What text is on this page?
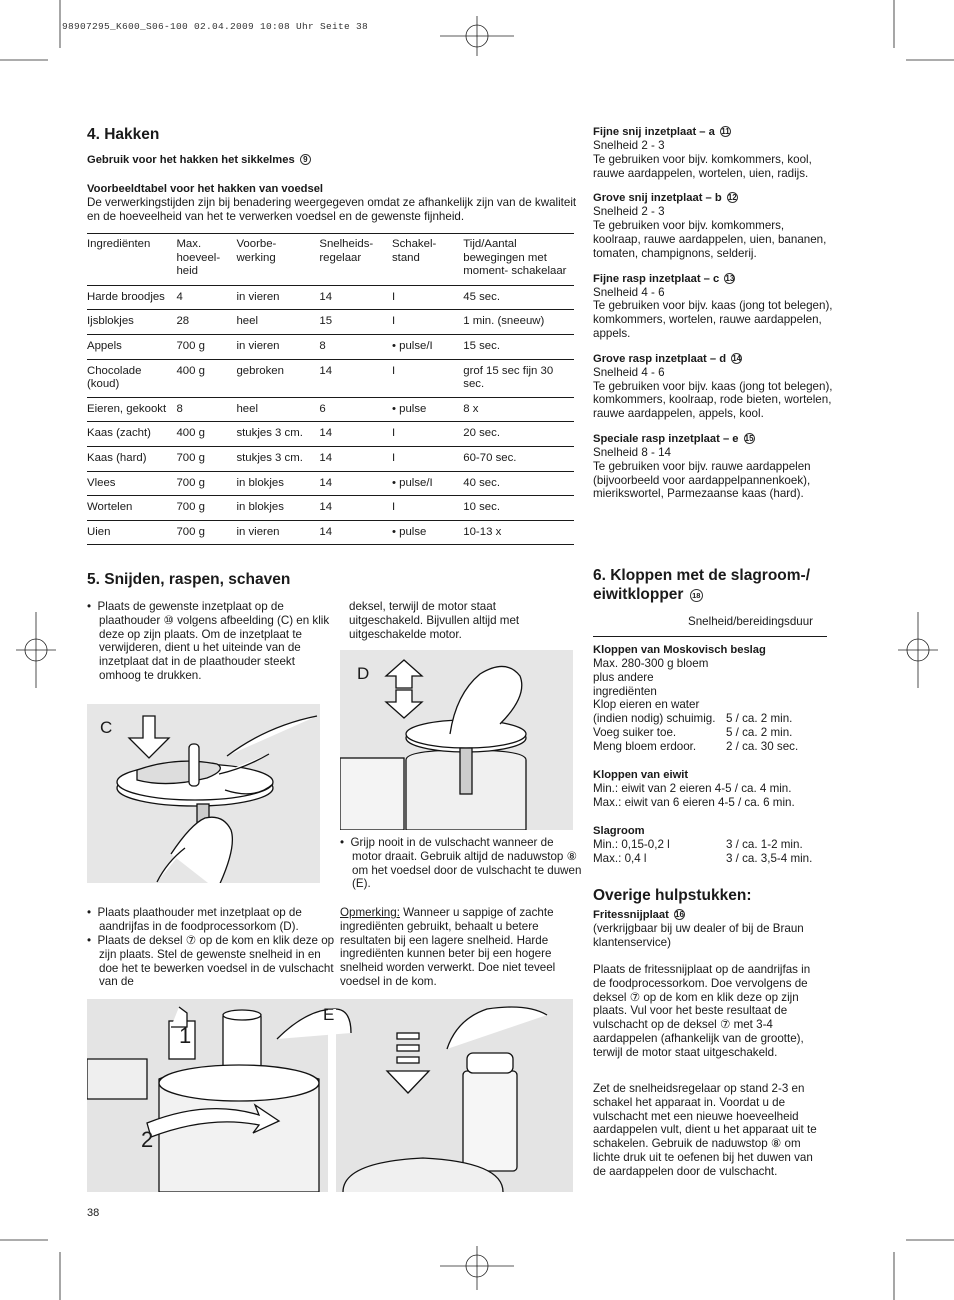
98907295_K600_S06-100 02.04.2009 10:08 Uhr Seite 38
4. Hakken
Gebruik voor het hakken het sikkelmes 9
Voorbeeldtabel voor het hakken van voedsel
De verwerkingstijden zijn bij benadering weergegeven omdat ze afhankelijk zijn van de kwaliteit en de hoeveelheid van het te verwerken voedsel en de gewenste fijnheid.
Ingrediënten	Max. hoeveel- heid	Voorbe- werking	Snelheids- regelaar	Schakel- stand	Tijd/Aantal bewegingen met moment- schakelaar
Harde broodjes	4	in vieren	14	I	45 sec.
Ijsblokjes	28	heel	15	I	1 min. (sneeuw)
Appels	700 g	in vieren	8	• pulse/I	15 sec.
Chocolade (koud)	400 g	gebroken	14	I	grof 15 sec fijn 30 sec.
Eieren, gekookt	8	heel	6	• pulse	8 x
Kaas (zacht)	400 g	stukjes 3 cm.	14	I	20 sec.
Kaas (hard)	700 g	stukjes 3 cm.	14	I	60-70 sec.
Vlees	700 g	in blokjes	14	• pulse/I	40 sec.
Wortelen	700 g	in blokjes	14	I	10 sec.
Uien	700 g	in vieren	14	• pulse	10-13 x
5. Snijden, raspen, schaven
•  Plaats de gewenste inzetplaat op de plaathouder ⑩ volgens afbeelding (C) en klik deze op zijn plaats. Om de inzetplaat te verwijderen, dient u het uiteinde van de inzetplaat dat in de plaathouder steekt omhoog te drukken.
deksel, terwijl de motor staat uitgeschakeld. Bijvullen altijd met uitgeschakelde motor.
C
D
•  Grijp nooit in de vulschacht wanneer de motor draait. Gebruik altijd de naduwstop ⑧ om het voedsel door de vulschacht te duwen (E).
•  Plaats plaathouder met inzetplaat op de aandrijfas in de foodprocessorkom (D).
•  Plaats de deksel ⑦ op de kom en klik deze op zijn plaats. Stel de gewenste snelheid in en doe het te bewerken voedsel in de vulschacht van de
Opmerking: Wanneer u sappige of zachte ingrediënten gebruikt, behaalt u betere resultaten bij een lagere snelheid. Harde ingrediënten kunnen beter bij een hogere snelheid worden verwerkt. Doe niet teveel voedsel in de kom.
1
2
E
38
Fijne snij inzetplaat – a 11
Snelheid 2 - 3
Te gebruiken voor bijv. komkommers, kool, rauwe aardappelen, wortelen, uien, radijs.
Grove snij inzetplaat – b 12
Snelheid 2 - 3
Te gebruiken voor bijv. komkommers, koolraap, rauwe aardappelen, uien, bananen, tomaten, champignons, selderij.
Fijne rasp inzetplaat – c 13
Snelheid 4 - 6
Te gebruiken voor bijv. kaas (jong tot belegen), komkommers, wortelen, rauwe aardappelen, appels.
Grove rasp inzetplaat – d 14
Snelheid 4 - 6
Te gebruiken voor bijv. kaas (jong tot belegen), komkommers, koolraap, rode bieten, wortelen, rauwe aardappelen, appels, kool.
Speciale rasp inzetplaat – e 15
Snelheid 8 - 14
Te gebruiken voor bijv. rauwe aardappelen (bijvoorbeeld voor aardappelpannenkoek), mierikswortel, Parmezaanse kaas (hard).
6. Kloppen met de slagroom-/ eiwitklopper 18
Snelheid/bereidingsduur
Kloppen van Moskovisch beslag
Max. 280-300 g bloem
plus andere
ingrediënten
Klop eieren en water
(indien nodig) schuimig. 5 / ca. 2 min.
Voeg suiker toe.	5 / ca. 2 min.
Meng bloem erdoor.	2 / ca. 30 sec.
Kloppen van eiwit
Min.: eiwit van 2 eieren 4-5 / ca. 4 min.
Max.: eiwit van 6 eieren 4-5 / ca. 6 min.
Slagroom
Min.: 0,15-0,2 l	3 / ca. 1-2 min.
Max.: 0,4 l	3 / ca. 3,5-4 min.
Overige hulpstukken:
Fritessnijplaat 16
(verkrijgbaar bij uw dealer of bij de Braun klantenservice)
Plaats de fritessnijplaat op de aandrijfas in de foodprocessorkom. Doe vervolgens de deksel ⑦ op de kom en klik deze op zijn plaats. Vul voor het beste resultaat de vulschacht op de deksel ⑦ met 3-4 aardappelen (afhankelijk van de grootte), terwijl de motor staat uitgeschakeld.
Zet de snelheidsregelaar op stand 2-3 en schakel het apparaat in. Voordat u de vulschacht met een nieuwe hoeveelheid aardappelen vult, dient u het apparaat uit te schakelen. Gebruik de naduwstop ⑧ om lichte druk uit te oefenen bij het duwen van de aardappelen door de vulschacht.
